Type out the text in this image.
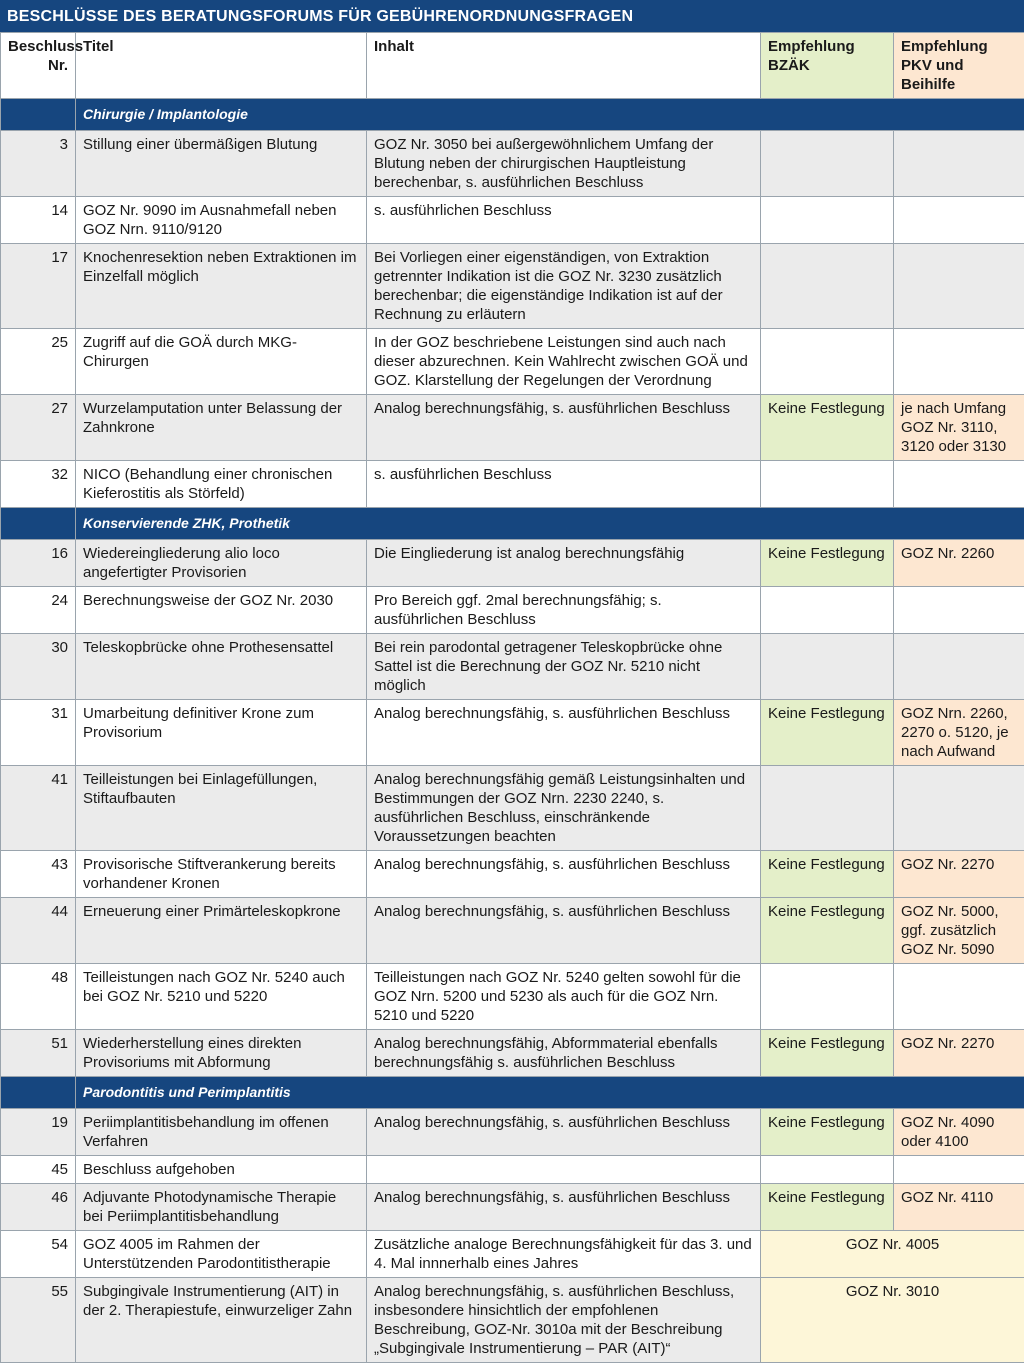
BESCHLÜSSE DES BERATUNGSFORUMS FÜR GEBÜHRENORDNUNGSFRAGEN
Beschluss Nr.	Titel	Inhalt	Empfehlung BZÄK	Empfehlung PKV und Beihilfe
	Chirurgie / Implantologie			
3	Stillung einer übermäßigen Blutung	GOZ Nr. 3050 bei außergewöhnlichem Umfang der Blutung neben der chirurgischen Hauptleistung berechenbar, s. ausführlichen Beschluss		
14	GOZ Nr. 9090 im Ausnahmefall neben GOZ Nrn. 9110/9120	s. ausführlichen Beschluss		
17	Knochenresektion neben Extraktionen im Einzelfall möglich	Bei Vorliegen einer eigenständigen, von Extraktion getrennter Indikation ist die GOZ Nr. 3230 zusätzlich berechenbar; die eigenständige Indikation ist auf der Rechnung zu erläutern		
25	Zugriff auf die GOÄ durch MKG-Chirurgen	In der GOZ beschriebene Leistungen sind auch nach dieser abzurechnen. Kein Wahlrecht zwischen GOÄ und GOZ. Klarstellung der Regelungen der Verordnung		
27	Wurzelamputation unter Belassung der Zahnkrone	Analog berechnungsfähig, s. ausführlichen Beschluss	Keine Festlegung	je nach Umfang GOZ Nr. 3110, 3120 oder 3130
32	NICO (Behandlung einer chronischen Kieferostitis als Störfeld)	s. ausführlichen Beschluss		
	Konservierende ZHK, Prothetik			
16	Wiedereingliederung alio loco angefertigter Provisorien	Die Eingliederung ist analog berechnungsfähig	Keine Festlegung	GOZ Nr. 2260
24	Berechnungsweise der GOZ Nr. 2030	Pro Bereich ggf. 2mal berechnungsfähig; s. ausführlichen Beschluss		
30	Teleskopbrücke ohne Prothesensattel	Bei rein parodontal getragener Teleskopbrücke ohne Sattel ist die Berechnung der GOZ Nr. 5210 nicht möglich		
31	Umarbeitung definitiver Krone zum Provisorium	Analog berechnungsfähig, s. ausführlichen Beschluss	Keine Festlegung	GOZ Nrn. 2260, 2270 o. 5120, je nach Aufwand
41	Teilleistungen bei Einlagefüllungen, Stiftaufbauten	Analog berechnungsfähig gemäß Leistungsinhalten und Bestimmungen der GOZ Nrn. 2230 2240, s. ausführlichen Beschluss, einschränkende Voraussetzungen beachten		
43	Provisorische Stiftverankerung bereits vorhandener Kronen	Analog berechnungsfähig, s. ausführlichen Beschluss	Keine Festlegung	GOZ Nr. 2270
44	Erneuerung einer Primärteleskopkrone	Analog berechnungsfähig, s. ausführlichen Beschluss	Keine Festlegung	GOZ Nr. 5000, ggf. zusätzlich GOZ Nr. 5090
48	Teilleistungen nach GOZ Nr. 5240 auch bei GOZ Nr. 5210 und 5220	Teilleistungen nach GOZ Nr. 5240 gelten sowohl für die GOZ Nrn. 5200 und 5230 als auch für die GOZ Nrn. 5210 und 5220		
51	Wiederherstellung eines direkten Provisoriums mit Abformung	Analog berechnungsfähig, Abformmaterial ebenfalls berechnungsfähig s. ausführlichen Beschluss	Keine Festlegung	GOZ Nr. 2270
	Parodontitis und Perimplantitis			
19	Periimplantitisbehandlung im offenen Verfahren	Analog berechnungsfähig, s. ausführlichen Beschluss	Keine Festlegung	GOZ Nr. 4090 oder 4100
45	Beschluss aufgehoben			
46	Adjuvante Photodynamische Therapie bei Periimplantitisbehandlung	Analog berechnungsfähig, s. ausführlichen Beschluss	Keine Festlegung	GOZ Nr. 4110
54	GOZ 4005 im Rahmen der Unterstützenden Parodontitistherapie	Zusätzliche analoge Berechnungsfähigkeit für das 3. und 4. Mal innnerhalb eines Jahres	GOZ Nr. 4005	
55	Subgingivale Instrumentierung (AIT) in der 2. Therapiestufe, einwurzeliger Zahn	Analog berechnungsfähig, s. ausführlichen Beschluss, insbesondere hinsichtlich der empfohlenen Beschreibung, GOZ-Nr. 3010a mit der Beschreibung „Subgingivale Instrumentierung – PAR (AIT)“	GOZ Nr. 3010	
